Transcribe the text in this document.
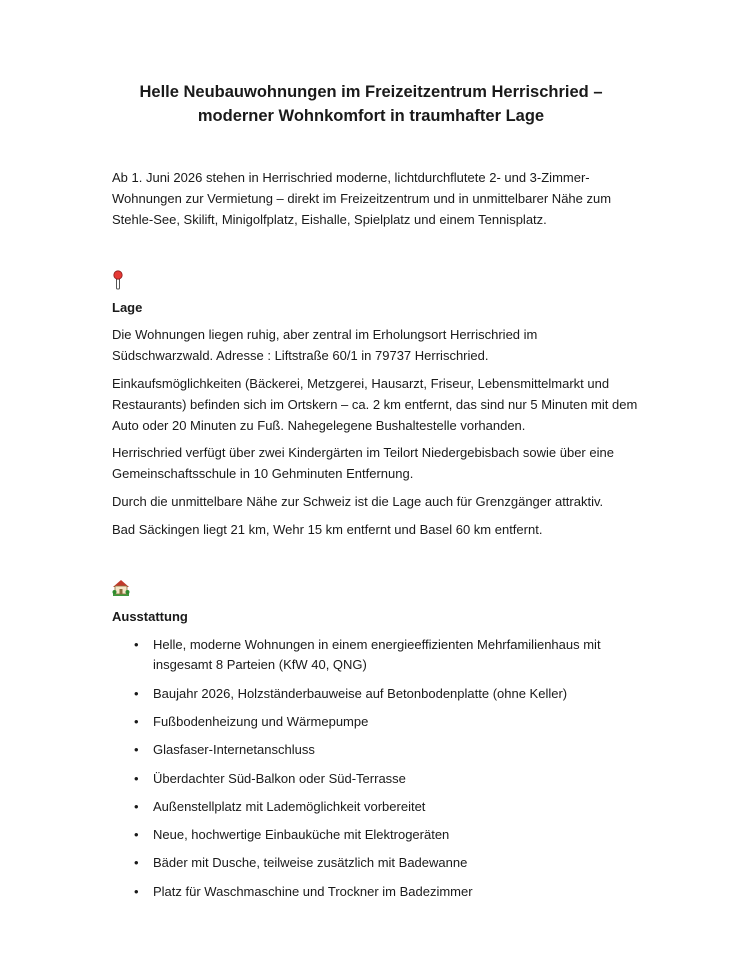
Helle Neubauwohnungen im Freizeitzentrum Herrischried – moderner Wohnkomfort in traumhafter Lage

Ab 1. Juni 2026 stehen in Herrischried moderne, lichtdurchflutete 2- und 3-Zimmer-Wohnungen zur Vermietung – direkt im Freizeitzentrum und in unmittelbarer Nähe zum Stehle-See, Skilift, Minigolfplatz, Eishalle, Spielplatz und einem Tennisplatz.

Lage

Die Wohnungen liegen ruhig, aber zentral im Erholungsort Herrischried im Südschwarzwald. Adresse : Liftstraße 60/1 in 79737 Herrischried.

Einkaufsmöglichkeiten (Bäckerei, Metzgerei, Hausarzt, Friseur, Lebensmittelmarkt und Restaurants) befinden sich im Ortskern – ca. 2 km entfernt, das sind nur 5 Minuten mit dem Auto oder 20 Minuten zu Fuß. Nahegelegene Bushaltestelle vorhanden.

Herrischried verfügt über zwei Kindergärten im Teilort Niedergebisbach sowie über eine Gemeinschaftsschule in 10 Gehminuten Entfernung.

Durch die unmittelbare Nähe zur Schweiz ist die Lage auch für Grenzgänger attraktiv.

Bad Säckingen liegt 21 km, Wehr 15 km entfernt und Basel 60 km entfernt.

Ausstattung
• Helle, moderne Wohnungen in einem energieeffizienten Mehrfamilienhaus mit insgesamt 8 Parteien (KfW 40, QNG)
• Baujahr 2026, Holzständerbauweise auf Betonbodenplatte (ohne Keller)
• Fußbodenheizung und Wärmepumpe
• Glasfaser-Internetanschluss
• Überdachter Süd-Balkon oder Süd-Terrasse
• Außenstellplatz mit Lademöglichkeit vorbereitet
• Neue, hochwertige Einbauküche mit Elektrogeräten
• Bäder mit Dusche, teilweise zusätzlich mit Badewanne
• Platz für Waschmaschine und Trockner im Badezimmer
